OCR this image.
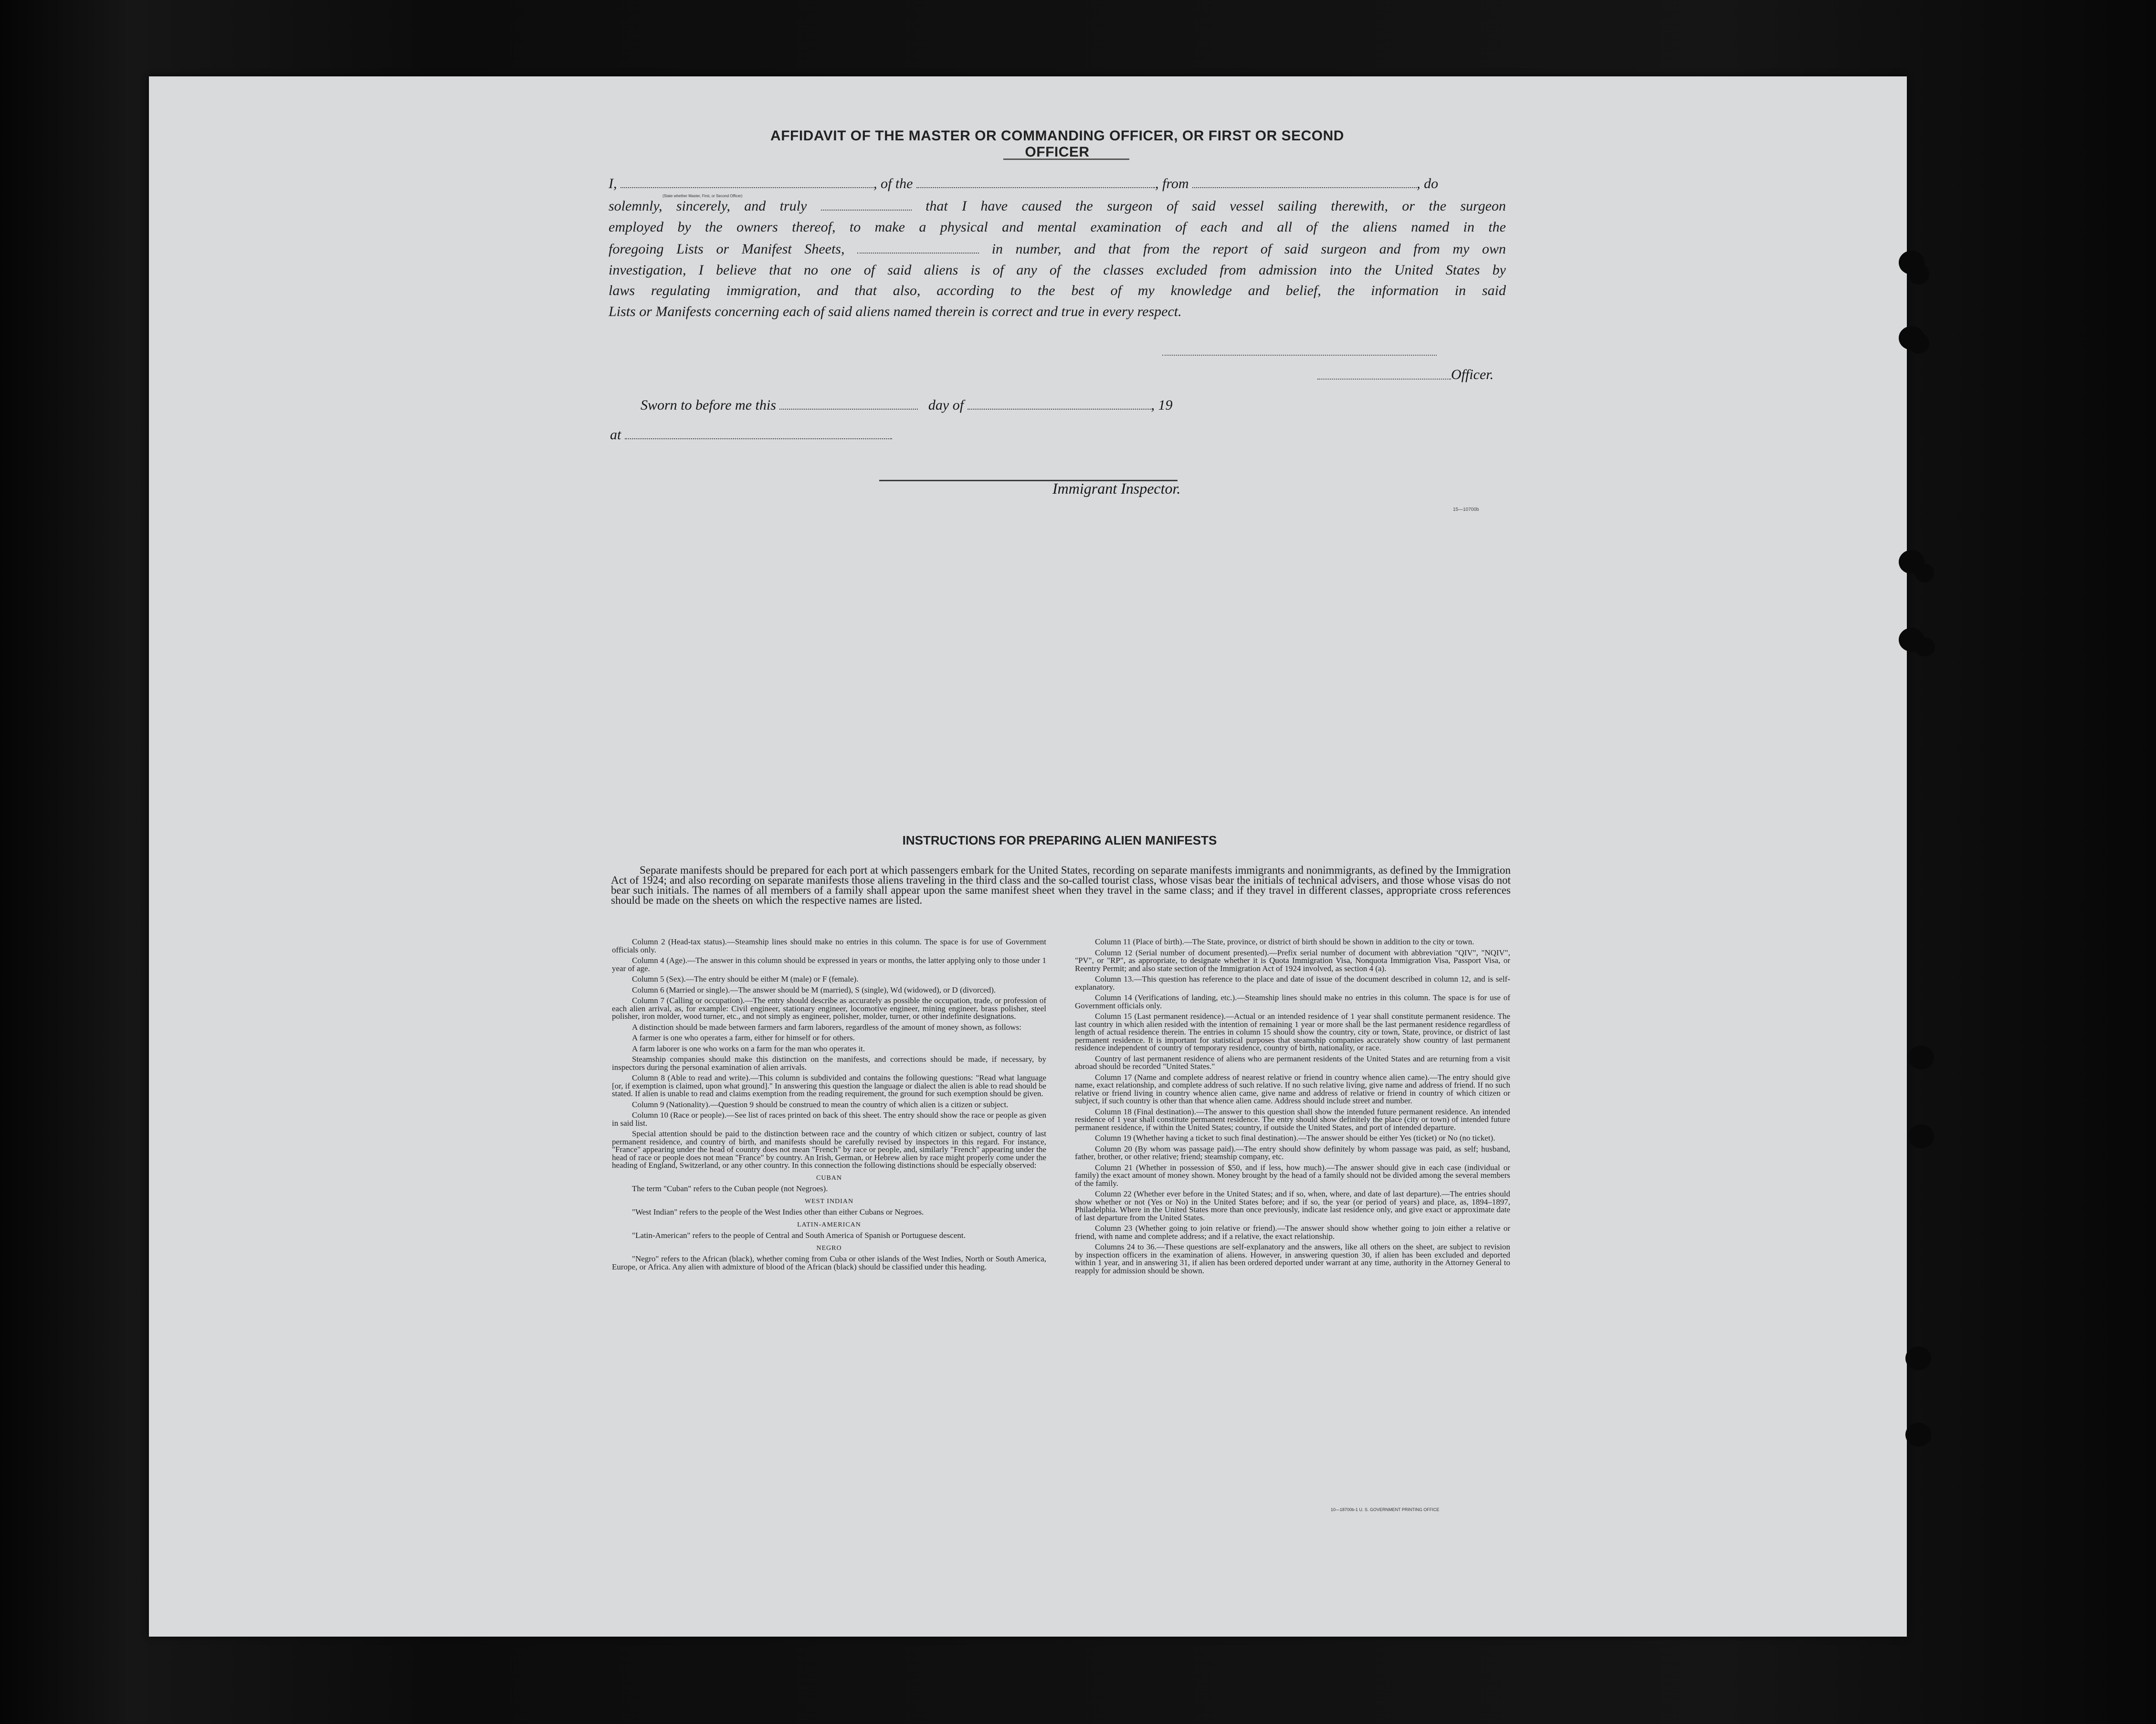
AFFIDAVIT OF THE MASTER OR COMMANDING OFFICER, OR FIRST OR SECOND OFFICER
I,	, of the	, from	, do
(State whether Master, First, or Second Officer)
solemnly, sincerely, and truly	that I have caused the surgeon of said vessel sailing therewith, or the surgeon
employed by the owners thereof, to make a physical and mental examination of each and all of the aliens named in the
foregoing Lists or Manifest Sheets,	in number, and that from the report of said surgeon and from my own
investigation, I believe that no one of said aliens is of any of the classes excluded from admission into the United States by
laws regulating immigration, and that also, according to the best of my knowledge and belief, the information in said
Lists or Manifests concerning each of said aliens named therein is correct and true in every respect.
Officer.
Sworn to before me this	day of	, 19
at
Immigrant Inspector.
15—10700b
INSTRUCTIONS FOR PREPARING ALIEN MANIFESTS
Separate manifests should be prepared for each port at which passengers embark for the United States, recording on separate manifests immigrants and nonimmigrants, as defined by the Immigration Act of 1924; and also recording on separate manifests those aliens traveling in the third class and the so-called tourist class, whose visas bear the initials of technical advisers, and those whose visas do not bear such initials. The names of all members of a family shall appear upon the same manifest sheet when they travel in the same class; and if they travel in different classes, appropriate cross references should be made on the sheets on which the respective names are listed.

Column 2 (Head-tax status).—Steamship lines should make no entries in this column. The space is for use of Government officials only.

Column 4 (Age).—The answer in this column should be expressed in years or months, the latter applying only to those under 1 year of age.

Column 5 (Sex).—The entry should be either M (male) or F (female).

Column 6 (Married or single).—The answer should be M (married), S (single), Wd (widowed), or D (divorced).

Column 7 (Calling or occupation).—The entry should describe as accurately as possible the occupation, trade, or profession of each alien arrival, as, for example: Civil engineer, stationary engineer, locomotive engineer, mining engineer, brass polisher, steel polisher, iron molder, wood turner, etc., and not simply as engineer, polisher, molder, turner, or other indefinite designations.

A distinction should be made between farmers and farm laborers, regardless of the amount of money shown, as follows:

A farmer is one who operates a farm, either for himself or for others.

A farm laborer is one who works on a farm for the man who operates it.

Steamship companies should make this distinction on the manifests, and corrections should be made, if necessary, by inspectors during the personal examination of alien arrivals.

Column 8 (Able to read and write).—This column is subdivided and contains the following questions: "Read what language [or, if exemption is claimed, upon what ground]." In answering this question the language or dialect the alien is able to read should be stated. If alien is unable to read and claims exemption from the reading requirement, the ground for such exemption should be given.

Column 9 (Nationality).—Question 9 should be construed to mean the country of which alien is a citizen or subject.

Column 10 (Race or people).—See list of races printed on back of this sheet. The entry should show the race or people as given in said list.

Special attention should be paid to the distinction between race and the country of which citizen or subject, country of last permanent residence, and country of birth, and manifests should be carefully revised by inspectors in this regard. For instance, "France" appearing under the head of country does not mean "French" by race or people, and, similarly "French" appearing under the head of race or people does not mean "France" by country. An Irish, German, or Hebrew alien by race might properly come under the heading of England, Switzerland, or any other country. In this connection the following distinctions should be especially observed:

CUBAN

The term "Cuban" refers to the Cuban people (not Negroes).

WEST INDIAN

"West Indian" refers to the people of the West Indies other than either Cubans or Negroes.

LATIN-AMERICAN

"Latin-American" refers to the people of Central and South America of Spanish or Portuguese descent.

NEGRO

"Negro" refers to the African (black), whether coming from Cuba or other islands of the West Indies, North or South America, Europe, or Africa. Any alien with admixture of blood of the African (black) should be classified under this heading.

Column 11 (Place of birth).—The State, province, or district of birth should be shown in addition to the city or town.

Column 12 (Serial number of document presented).—Prefix serial number of document with abbreviation "QIV", "NQIV", "PV", or "RP", as appropriate, to designate whether it is Quota Immigration Visa, Nonquota Immigration Visa, Passport Visa, or Reentry Permit; and also state section of the Immigration Act of 1924 involved, as section 4 (a).

Column 13.—This question has reference to the place and date of issue of the document described in column 12, and is self-explanatory.

Column 14 (Verifications of landing, etc.).—Steamship lines should make no entries in this column. The space is for use of Government officials only.

Column 15 (Last permanent residence).—Actual or an intended residence of 1 year shall constitute permanent residence. The last country in which alien resided with the intention of remaining 1 year or more shall be the last permanent residence regardless of length of actual residence therein. The entries in column 15 should show the country, city or town, State, province, or district of last permanent residence. It is important for statistical purposes that steamship companies accurately show country of last permanent residence independent of country of temporary residence, country of birth, nationality, or race.

Country of last permanent residence of aliens who are permanent residents of the United States and are returning from a visit abroad should be recorded "United States."

Column 17 (Name and complete address of nearest relative or friend in country whence alien came).—The entry should give name, exact relationship, and complete address of such relative. If no such relative living, give name and address of friend. If no such relative or friend living in country whence alien came, give name and address of relative or friend in country of which citizen or subject, if such country is other than that whence alien came. Address should include street and number.

Column 18 (Final destination).—The answer to this question shall show the intended future permanent residence. An intended residence of 1 year shall constitute permanent residence. The entry should show definitely the place (city or town) of intended future permanent residence, if within the United States; country, if outside the United States, and port of intended departure.

Column 19 (Whether having a ticket to such final destination).—The answer should be either Yes (ticket) or No (no ticket).

Column 20 (By whom was passage paid).—The entry should show definitely by whom passage was paid, as self; husband, father, brother, or other relative; friend; steamship company, etc.

Column 21 (Whether in possession of $50, and if less, how much).—The answer should give in each case (individual or family) the exact amount of money shown. Money brought by the head of a family should not be divided among the several members of the family.

Column 22 (Whether ever before in the United States; and if so, when, where, and date of last departure).—The entries should show whether or not (Yes or No) in the United States before; and if so, the year (or period of years) and place, as, 1894–1897, Philadelphia. Where in the United States more than once previously, indicate last residence only, and give exact or approximate date of last departure from the United States.

Column 23 (Whether going to join relative or friend).—The answer should show whether going to join either a relative or friend, with name and complete address; and if a relative, the exact relationship.

Columns 24 to 36.—These questions are self-explanatory and the answers, like all others on the sheet, are subject to revision by inspection officers in the examination of aliens. However, in answering question 30, if alien has been excluded and deported within 1 year, and in answering 31, if alien has been ordered deported under warrant at any time, authority in the Attorney General to reapply for admission should be shown.

10—18700b-1 U. S. GOVERNMENT PRINTING OFFICE
